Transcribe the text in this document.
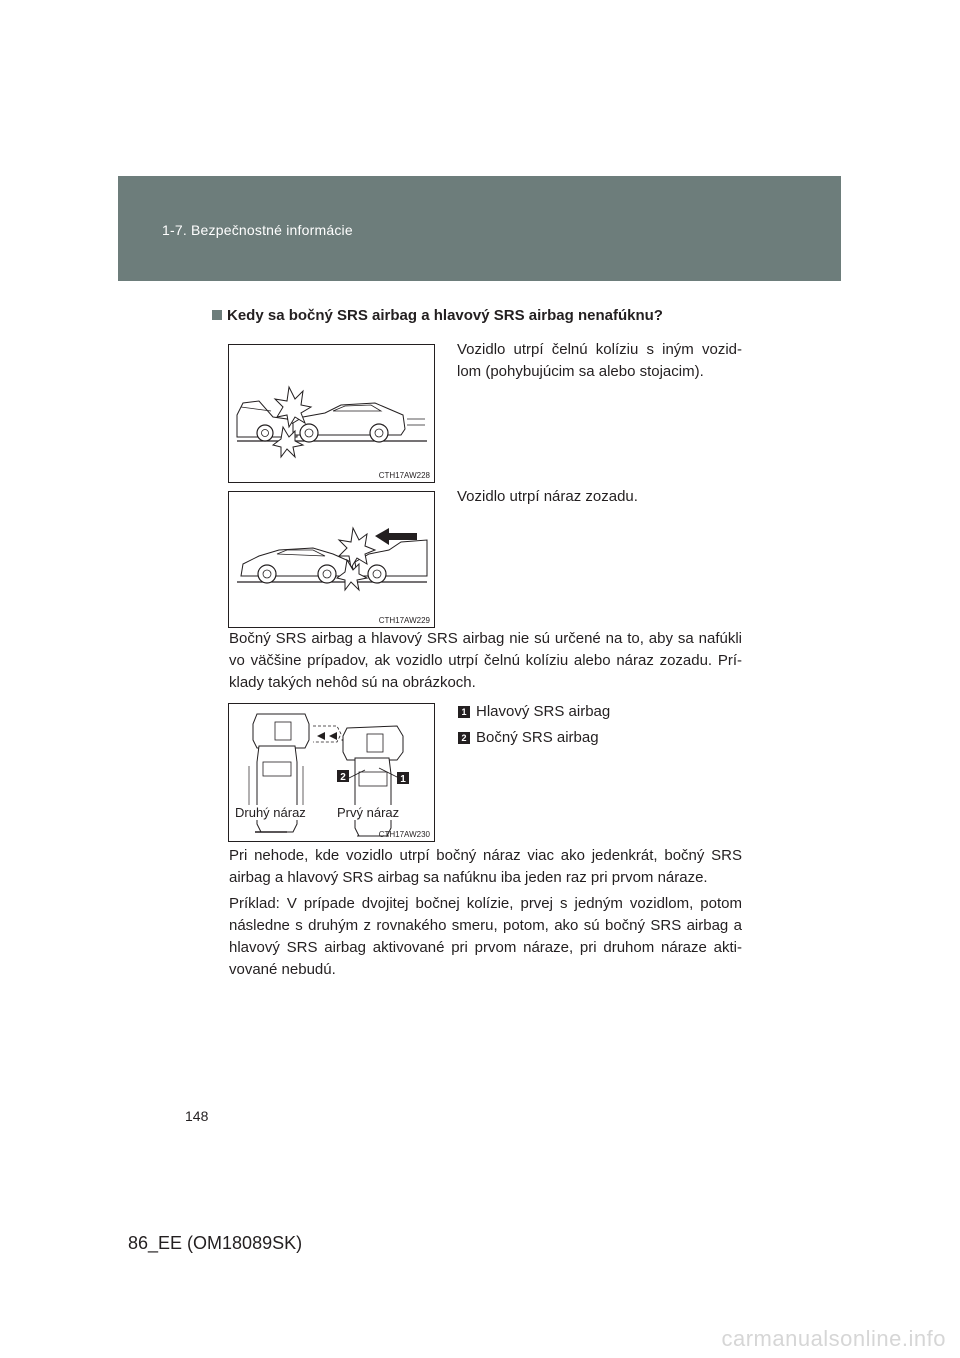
1-7. Bezpečnostné informácie
Kedy sa bočný SRS airbag a hlavový SRS airbag nenafúknu?
CTH17AW228
Vozidlo utrpí čelnú kolíziu s iným vozid-lom (pohybujúcim sa alebo stojacim).
CTH17AW229
Vozidlo utrpí náraz zozadu.
Bočný SRS airbag a hlavový SRS airbag nie sú určené na to, aby sa nafúkli vo väčšine prípadov, ak vozidlo utrpí čelnú kolíziu alebo náraz zozadu. Prí-klady takých nehôd sú na obrázkoch.
2	1
Druhý náraz Prvý náraz
CTH17AW230
1 Hlavový SRS airbag
2 Bočný SRS airbag
Pri nehode, kde vozidlo utrpí bočný náraz viac ako jedenkrát, bočný SRS airbag a hlavový SRS airbag sa nafúknu iba jeden raz pri prvom náraze.
Príklad: V prípade dvojitej bočnej kolízie, prvej s jedným vozidlom, potom následne s druhým z rovnakého smeru, potom, ako sú bočný SRS airbag a hlavový SRS airbag aktivované pri prvom náraze, pri druhom náraze akti-vované nebudú.
148
86_EE (OM18089SK)
carmanualsonline.info
